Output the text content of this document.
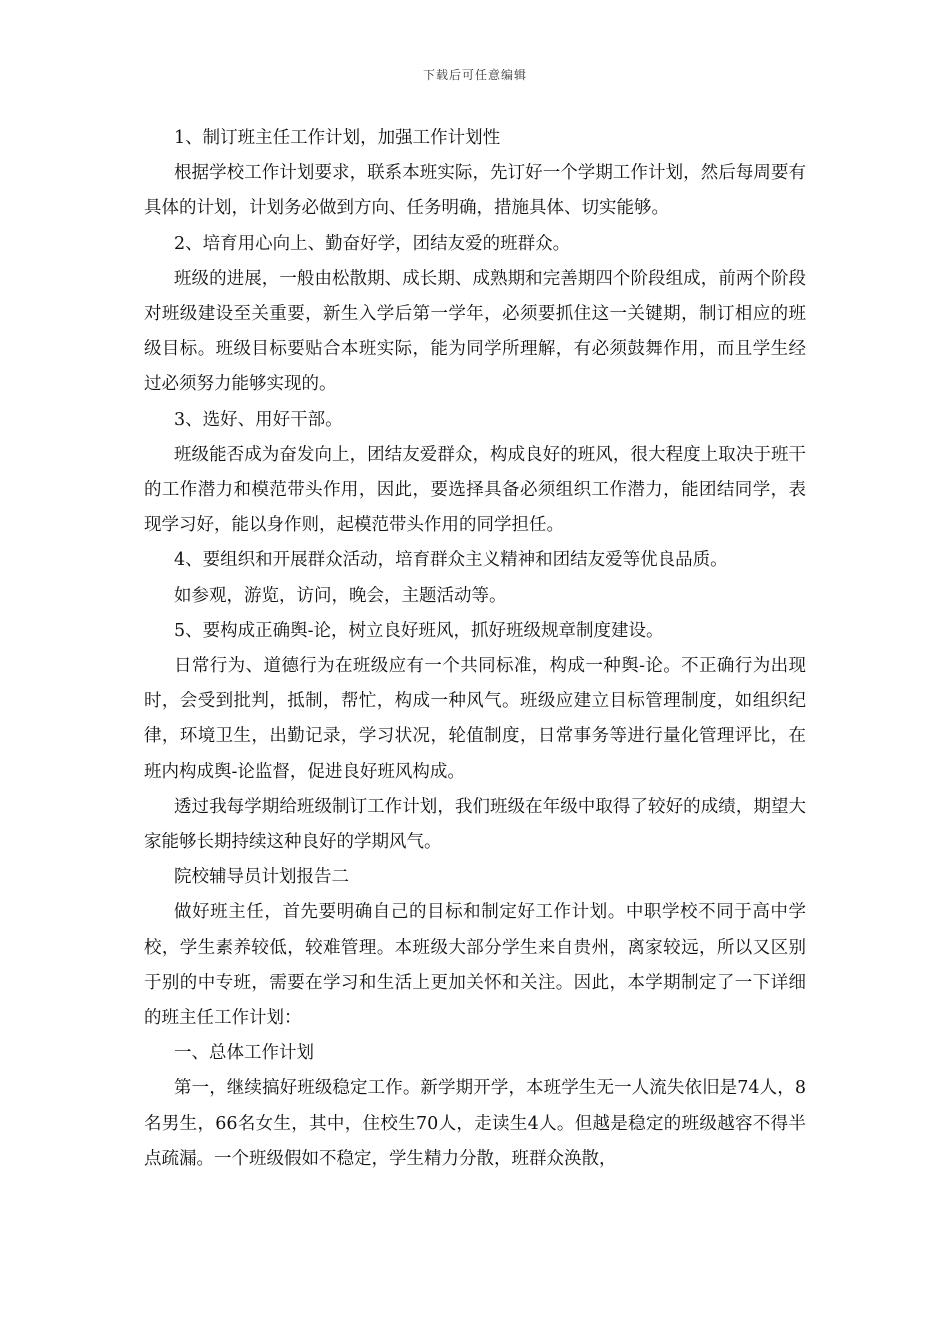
下载后可任意编辑

1、制订班主任工作计划，加强工作计划性

根据学校工作计划要求，联系本班实际，先订好一个学期工作计划，然后每周要有具体的计划，计划务必做到方向、任务明确，措施具体、切实能够。

2、培育用心向上、勤奋好学，团结友爱的班群众。

班级的进展，一般由松散期、成长期、成熟期和完善期四个阶段组成，前两个阶段对班级建设至关重要，新生入学后第一学年，必须要抓住这一关键期，制订相应的班级目标。班级目标要贴合本班实际，能为同学所理解，有必须鼓舞作用，而且学生经过必须努力能够实现的。

3、选好、用好干部。

班级能否成为奋发向上，团结友爱群众，构成良好的班风，很大程度上取决于班干的工作潜力和模范带头作用，因此，要选择具备必须组织工作潜力，能团结同学，表现学习好，能以身作则，起模范带头作用的同学担任。

4、要组织和开展群众活动，培育群众主义精神和团结友爱等优良品质。

如参观，游览，访问，晚会，主题活动等。

5、要构成正确舆-论，树立良好班风，抓好班级规章制度建设。

日常行为、道德行为在班级应有一个共同标准，构成一种舆-论。不正确行为出现时，会受到批判，抵制，帮忙，构成一种风气。班级应建立目标管理制度，如组织纪律，环境卫生，出勤记录，学习状况，轮值制度，日常事务等进行量化管理评比，在班内构成舆-论监督，促进良好班风构成。

透过我每学期给班级制订工作计划，我们班级在年级中取得了较好的成绩，期望大家能够长期持续这种良好的学期风气。

院校辅导员计划报告二

做好班主任，首先要明确自己的目标和制定好工作计划。中职学校不同于高中学校，学生素养较低，较难管理。本班级大部分学生来自贵州，离家较远，所以又区别于别的中专班，需要在学习和生活上更加关怀和关注。因此，本学期制定了一下详细的班主任工作计划：

一、总体工作计划

第一，继续搞好班级稳定工作。新学期开学，本班学生无一人流失依旧是74人，8名男生，66名女生，其中，住校生70人，走读生4人。但越是稳定的班级越容不得半点疏漏。一个班级假如不稳定，学生精力分散，班群众涣散，
